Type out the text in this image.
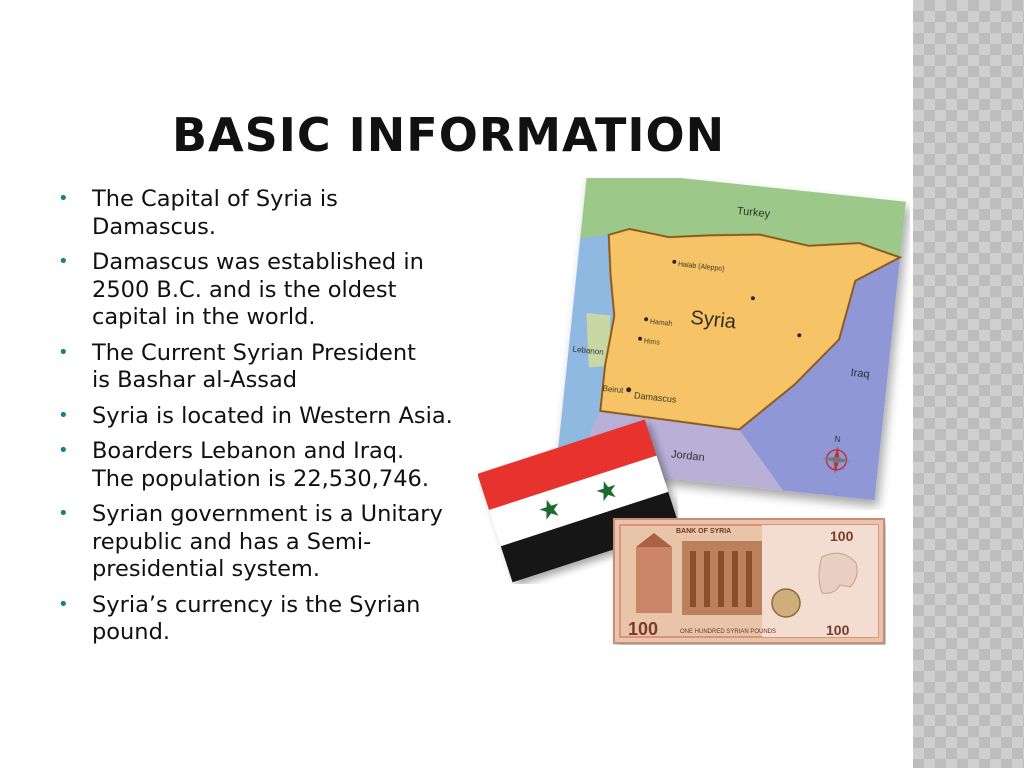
BASIC INFORMATION
• The Capital of Syria is
Damascus.
• Damascus was established in
2500 B.C. and is the oldest
capital in the world.
• The Current Syrian President
is Bashar al-Assad
• Syria is located in Western Asia.
• Boarders Lebanon and Iraq.
The population is 22,530,746.
• Syrian government is a Unitary
republic and has a Semi-
presidential system.
• Syria’s currency is the Syrian
pound.
Syria
Turkey
Iraq
Jordan
Lebanon
Beirut
Damascus
Halab (Aleppo)
Hamah
Hims
N
100
100	100
BANK OF SYRIA
ONE HUNDRED SYRIAN POUNDS
